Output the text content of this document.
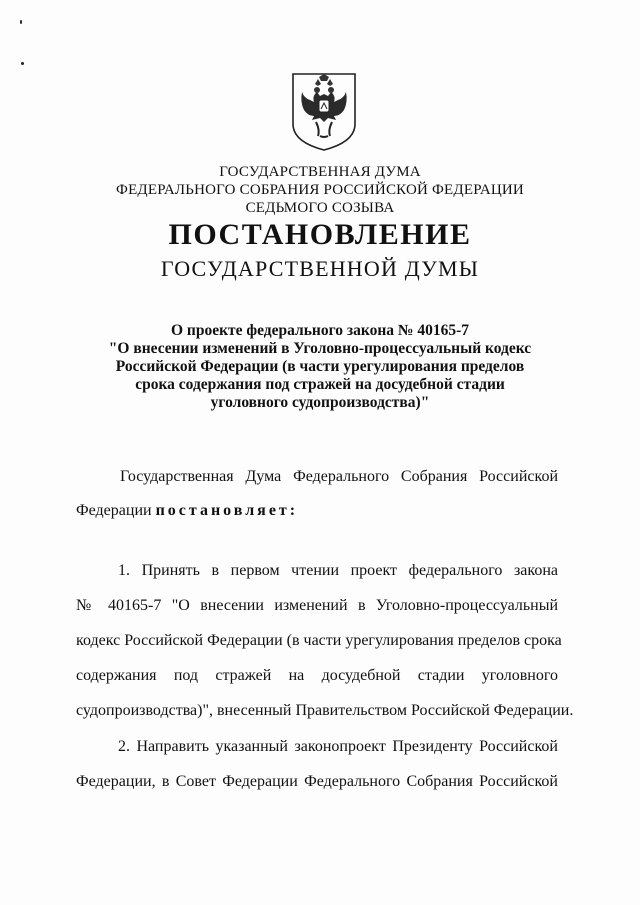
ГОСУДАРСТВЕННАЯ ДУМА
ФЕДЕРАЛЬНОГО СОБРАНИЯ РОССИЙСКОЙ ФЕДЕРАЦИИ
СЕДЬМОГО СОЗЫВА
ПОСТАНОВЛЕНИЕ
ГОСУДАРСТВЕННОЙ ДУМЫ
О проекте федерального закона № 40165-7
"О внесении изменений в Уголовно-процессуальный кодекс
Российской Федерации (в части урегулирования пределов
срока содержания под стражей на досудебной стадии
уголовного судопроизводства)"
Государственная Дума Федерального Собрания Российской
Федерации постановляет:
1. Принять в первом чтении проект федерального закона
№ 40165-7 "О внесении изменений в Уголовно-процессуальный
кодекс Российской Федерации (в части урегулирования пределов срока
содержания под стражей на досудебной стадии уголовного
судопроизводства)", внесенный Правительством Российской Федерации.
2. Направить указанный законопроект Президенту Российской
Федерации, в Совет Федерации Федерального Собрания Российской
